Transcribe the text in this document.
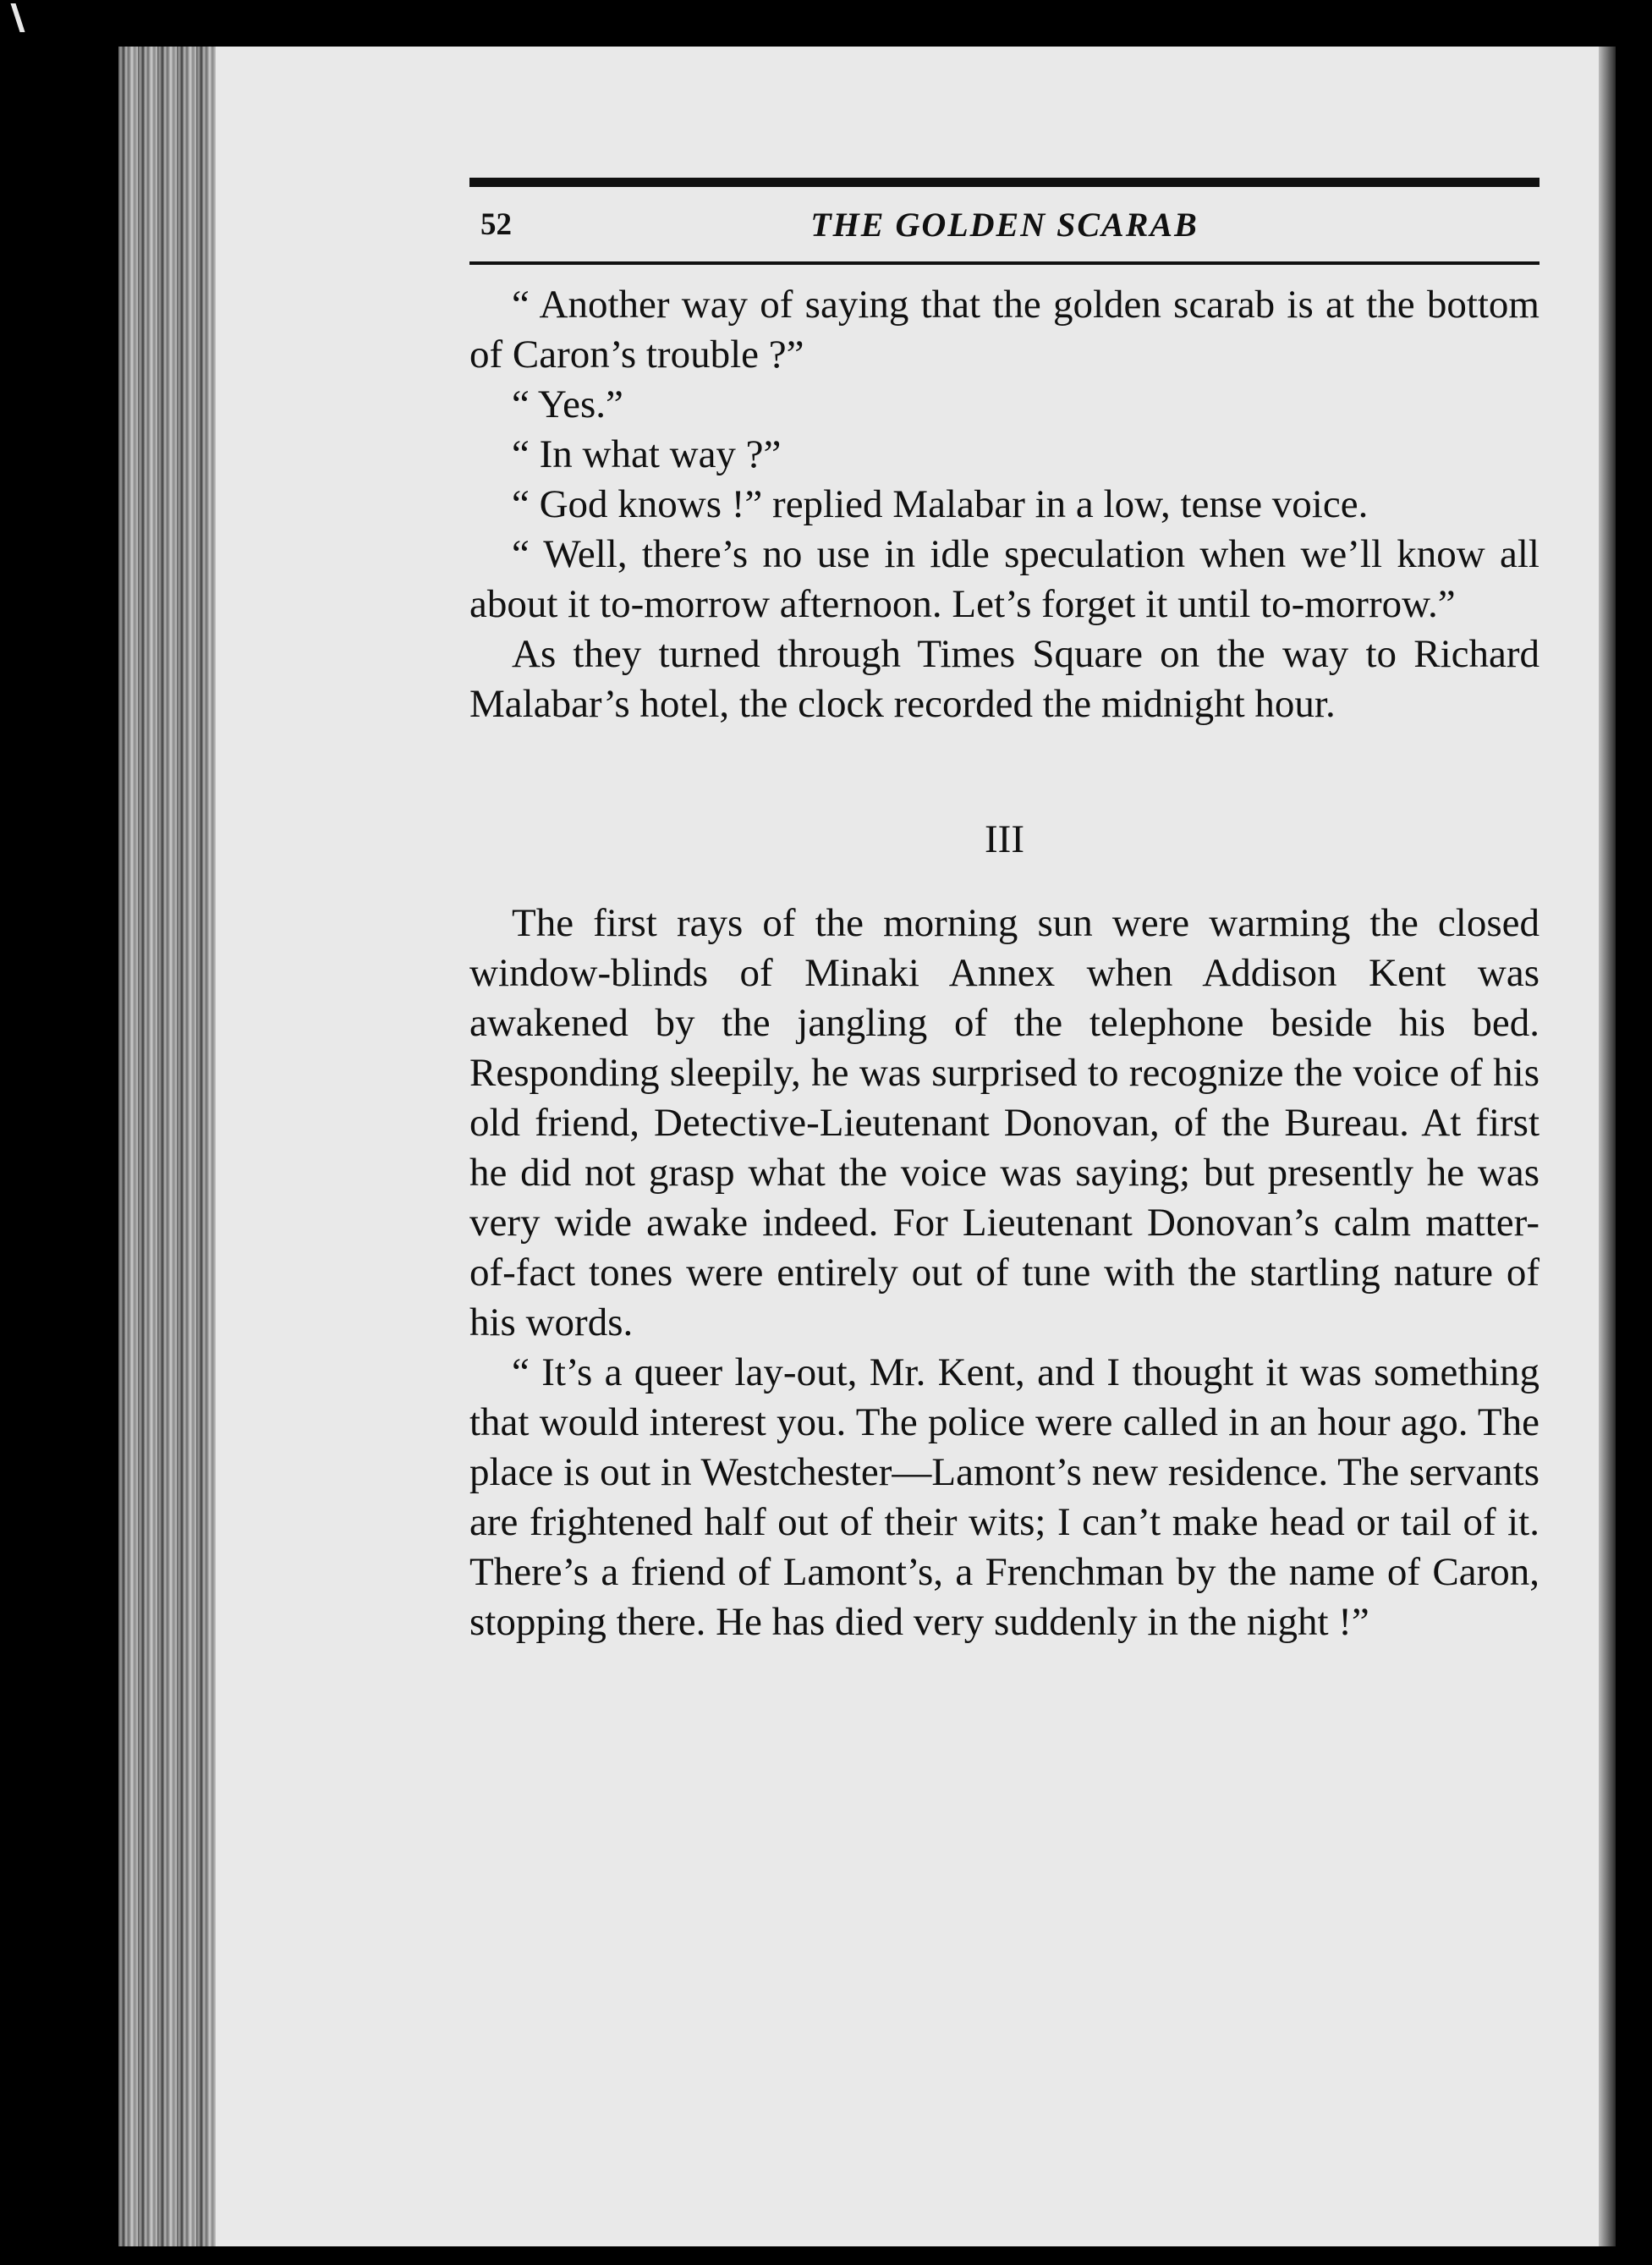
52	THE GOLDEN SCARAB

“ Another way of saying that the golden scarab is at the bottom of Caron’s trouble ?”

“ Yes.”

“ In what way ?”

“ God knows !” replied Malabar in a low, tense voice.

“ Well, there’s no use in idle speculation when we’ll know all about it to-morrow afternoon. Let’s forget it until to-morrow.”

As they turned through Times Square on the way to Richard Malabar’s hotel, the clock recorded the midnight hour.

III

The first rays of the morning sun were warming the closed window-blinds of Minaki Annex when Addison Kent was awakened by the jangling of the telephone beside his bed. Responding sleepily, he was surprised to recognize the voice of his old friend, Detective-Lieutenant Donovan, of the Bureau. At first he did not grasp what the voice was saying; but presently he was very wide awake indeed. For Lieutenant Donovan’s calm matter-of-fact tones were entirely out of tune with the startling nature of his words.

“ It’s a queer lay-out, Mr. Kent, and I thought it was something that would interest you. The police were called in an hour ago. The place is out in Westchester—Lamont’s new residence. The servants are frightened half out of their wits; I can’t make head or tail of it. There’s a friend of Lamont’s, a Frenchman by the name of Caron, stopping there. He has died very suddenly in the night !”
